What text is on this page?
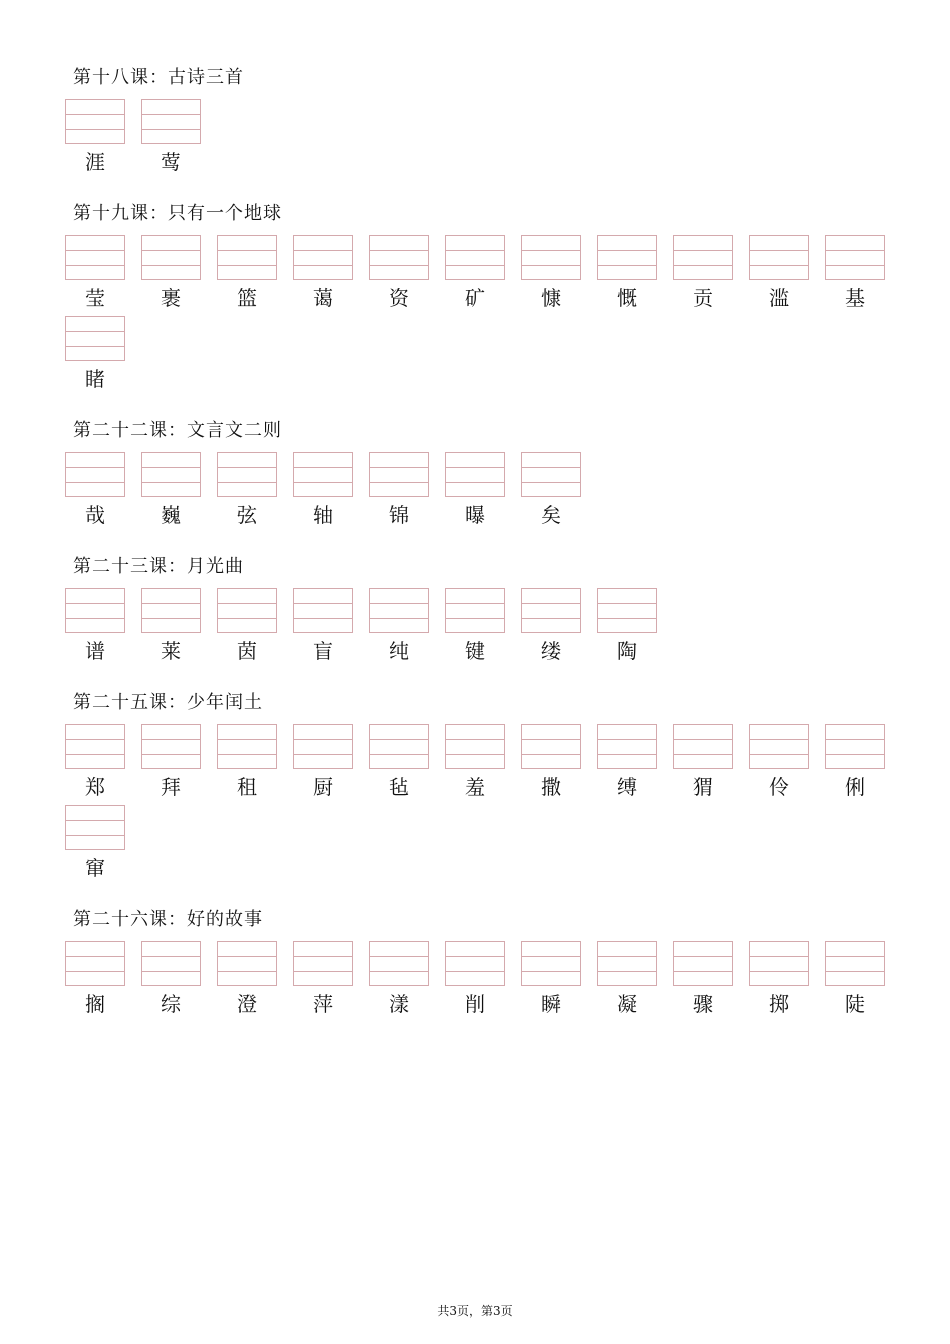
第十八课：古诗三首
涯	莺
第十九课：只有一个地球
莹	裹	篮	蔼	资	矿	慷	慨	贡	滥	基
睹
第二十二课：文言文二则
哉	巍	弦	轴	锦	曝	矣
第二十三课：月光曲
谱	莱	茵	盲	纯	键	缕	陶
第二十五课：少年闰土
郑	拜	租	厨	毡	羞	撒	缚	猬	伶	俐
窜
第二十六课：好的故事
搁	综	澄	萍	漾	削	瞬	凝	骤	掷	陡
共3页，第3页
